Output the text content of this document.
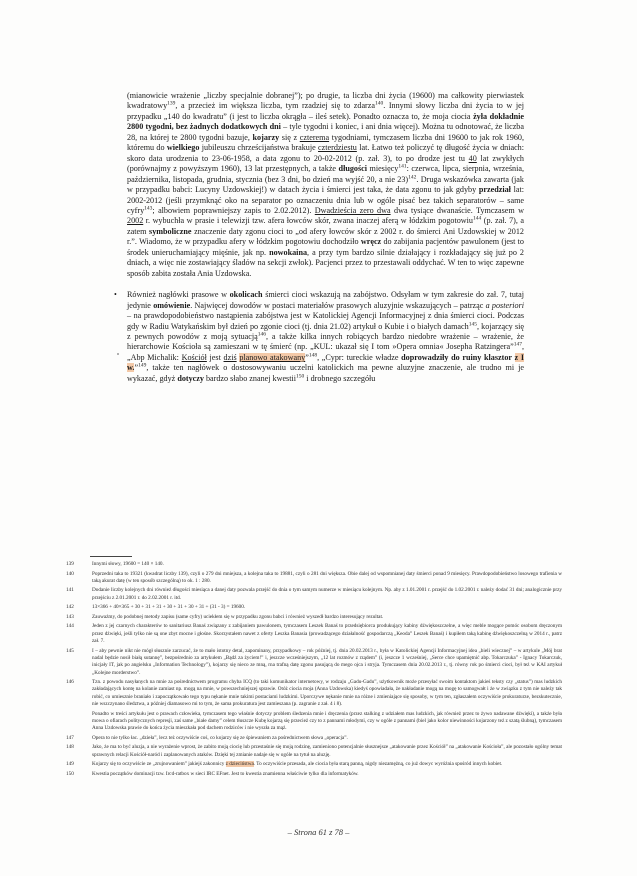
(mianowicie wrażenie „liczby specjalnie dobranej”); po drugie, ta liczba dni życia (19600) ma całkowity pierwiastek kwadratowy$^{139}$, a przecież im większa liczba, tym rzadziej się to zdarza$^{140}$. Innymi słowy liczba dni życia to w jej przypadku „140 do kwadratu” (i jest to liczba okrągła – ileś setek). Ponadto oznacza to, że moja ciocia żyła dokładnie 2800 tygodni, bez żadnych dodatkowych dni – tyle tygodni i koniec, i ani dnia więcej). Można tu odnotować, że liczba 28, na której te 2800 tygodni bazuje, kojarzy się z czterema tygodniami, tymczasem liczba dni 19600 to jak rok 1960, któremu do wielkiego jubileuszu chrześcijaństwa brakuje czterdziestu lat. Łatwo też policzyć tę długość życia w dniach: skoro data urodzenia to 23-06-1958, a data zgonu to 20-02-2012 (p. zał. 3), to po drodze jest tu 40 lat zwykłych (porównajmy z powyższym 1960), 13 lat przestępnych, a także długości miesięcy$^{141}$: czerwca, lipca, sierpnia, września, października, listopada, grudnia, stycznia (bez 3 dni, bo dzień ma wyjść 20, a nie 23)$^{142}$. Druga wskazówka zawarta (jak w przypadku babci: Lucyny Uzdowskiej!) w datach życia i śmierci jest taka, że data zgonu to jak gdyby przedział lat: 2002-2012 (jeśli przymknąć oko na separator po oznaczeniu dnia lub w ogóle pisać bez takich separatorów – same cyfry$^{143}$; albowiem poprawniejszy zapis to 2.02.2012). Dwadzieścia zero dwa dwa tysiące dwanaście. Tymczasem w 2002 r. wybuchła w prasie i telewizji tzw. afera łowców skór, zwana inaczej aferą w łódzkim pogotowiu$^{144}$ (p. zał. 7), a zatem symboliczne znaczenie daty zgonu cioci to „od afery łowców skór z 2002 r. do śmierci Ani Uzdowskiej w 2012 r.”. Wiadomo, że w przypadku afery w łódzkim pogotowiu dochodziło wręcz do zabijania pacjentów pawulonem (jest to środek unieruchamiający mięśnie, jak np. nowokaina, a przy tym bardzo silnie działający i rozkładający się już po 2 dniach, a więc nie zostawiający śladów na sekcji zwłok). Pacjenci przez to przestawali oddychać. W ten to więc zapewne sposób zabita została Ania Uzdowska.

• Również nagłówki prasowe w okolicach śmierci cioci wskazują na zabójstwo. Odsyłam w tym zakresie do zał. 7, tutaj jedynie omówienie. Najwięcej dowodów w postaci materiałów prasowych aluzyjnie wskazujących – patrząc a posteriori – na prawdopodobieństwo nastąpienia zabójstwa jest w Katolickiej Agencji Informacyjnej z dnia śmierci cioci. Podczas gdy w Radiu Watykańskim był dzień po zgonie cioci (tj. dnia 21.02) artykuł o Kubie i o białych damach$^{145}$, kojarzący się z pewnych powodów z moją sytuacją$^{146}$, a także kilka innych robiących bardzo niedobre wrażenie – wrażenie, że hierarchowie Kościoła są zamieszani w tę śmierć (np. „KUL: ukazał się I tom »Opera omnia« Josepha Ratzingera”$^{147}$, „Abp Michalik: Kościół jest dziś planowo atakowany”$^{148}$, „Cypr: tureckie władze doprowadziły do ruiny klasztor z I w.”$^{149}$, także ten nagłówek o dostosowywaniu uczelni katolickich ma pewne aluzyjne znaczenie, ale trudno mi je wykazać, gdyż dotyczy bardzo słabo znanej kwestii$^{150}$ i drobnego szczegółu

139	Innymi słowy, 19600 = 140 × 140.
140	Poprzedni taka to 19321 (kwadrat liczby 139), czyli o 279 dni mniejsza, a kolejna taka to 19881, czyli o 281 dni większa. Obie dalej od wspomnianej daty śmierci ponad 9 miesięcy. Prawdopodobieństwo losowego trafienia w taką akurat datę (w ten sposób szczególną) to ok. 1 : 280.
141	Dodanie liczby kolejnych dni również długości miesiąca a danej daty pozwala przejść do dnia o tym samym numerze w miesiącu kolejnym. Np. aby z 1.01.2001 r. przejść do 1.02.2001 r. należy dodać 31 dni; analogicznie przy przejściu z 2.01.2001 r. do 2.02.2001 r. itd.
142	13×366 + 40×365 + 30 + 31 + 31 + 30 + 31 + 30 + 31 + (31 - 3) = 19600.
143	Zauważmy, do podobnej metody zapisu (same cyfry) uciekłem się w przypadku zgonu babci i również wyszedł bardzo interesujący rezultat.
144	Jeden z jej czarnych charakterów to sanitariusz Banaś związany z zabijaniem pawulonem, tymczasem Leszek Banaś to przedsiębiorca produkujący kabiny dźwiękoszczelne, a więc meble mogące pomóc osobom dręczonym przez dźwięki, jeśli tylko nie są one zbyt mocne i głośne. Skorzystałem nawet z oferty Leszka Banasia (prowadzącego działalność gospodarczą „Keoda” Leszek Banaś) i kupiłem taką kabinę dźwiękoszczelną w 2014 r., patrz zał. 7.
145	I – aby pewnie nikt nie mógł słusznie zarzucać, że to mało istotny detal, zapominany, przypadkowy – rok później, tj. dnia 20.02.2013 r., była w Katolickiej Agencji Informacyjnej idea „bieli wiecznej” – w artykule „Mój brat nadal będzie nosił białą sutannę”, bezpośrednio za artykułem „Bądź za życiem!” i, jeszcze wcześniejszym, „12 lat rozmów z rządem” (i, jeszcze 1 wcześniej, „Serce chce upamiętnić abp. Tokarczuka” - Ignacy Tokarczuk, inicjały IT, jak po angielsku „Information Technology”), kojarzy się nieco ze mną, rna trafną datę zgonu pasującą do mego ojca i stryja. Tymczasem dnia 20.02.2013 r., tj. równy rok po śmierci cioci, był też w KAI artykuł „Kolejne morderstwo”.
146	Tzn. z powodu nasyłanych na mnie za pośrednictwem programu chyba ICQ (to taki komunikator internetowy, w rodzaju „Gadu-Gadu”, użytkownik może przesyłać swoim kontaktom jakieś teksty czy „status”) mas ludzkich zakładających kontę na kolanie zamiast np. mogą na mnie, w powszechniejszej sprawie. Otóż ciocia moja (Anna Uzdowska) kiedyś opowiadała, że nakładanie mogą na mogę to samogwałt i że w związku z tym nie należy tak robić, co umiesznie braniało i zapoczątkowało tego typu nękanie mnie takimi postaciami ludzkimi. Uporczywe nękanie mnie na różne i zmieniające się sposoby, w tym ten, zgłaszałem oczywiście prokuraturze, bezskutecznie, nie wszczynano śledztwa, a później diamasowo mi to tym, że sama prokuratura jest zamieszana (p. zagranie z zał. 4 i 8).
Ponadto w treści artykułu jest o prawach człowieka, tymczasem tego właśnie dotyczy problem śledzenia mnie i dręczenia (przez stalking z udziałem mas ludzkich, jak również przez to żywo nadawane dźwięki), a także była mowa o ofiarach politycznych represji, zaś same „białe damy” celem tłuszcze Kubę kojarzą się przecież czy to z pannami młodymi, czy w ogóle z pannami (biel jako kolor niewinności kojarzony też z szatą ślubną), tymczasem Anna Uzdowska prawie do końca życia mieszkała pod dachem rodziców i nie wyszła za mąż.
147	Opera to nie tylko łac. „dzieła”, lecz też oczywiście coś, co kojarzy się ze śpiewaniem za pośrednictwem słowa „operacja”.
148	Jako, że ma to być aluzja, a nie wyrażenie wprost, że zabito moją ciocię lub przestaśnie się moją rodzinę, zamieniono potencjalnie słusznejsze „atakowanie przez Kościół” na „atakowanie Kościoła”, ale pozostało ogólny temat sprawnych relacji Kościół-naród i zaplanowanych ataków. Dzięki tej zmianie nadaje się w ogóle na tytuł na aluzję.
149	Kojarzy się to oczywiście ze „zrujnowaniem” jakiejś zakonnicy z dzieciństwa. To oczywiście przesada, ale ciocia była starą panną, nigdy niezamężną, co już dowyc wyróżnia spośród innych kobiet.
150	Kwestia początków dominacji tzw. Ircd-ratbox w sieci IRC EFnet. Jest to kwestia znamienna właściwie tylko dla informatyków.
– Strona 61 z 78 –
